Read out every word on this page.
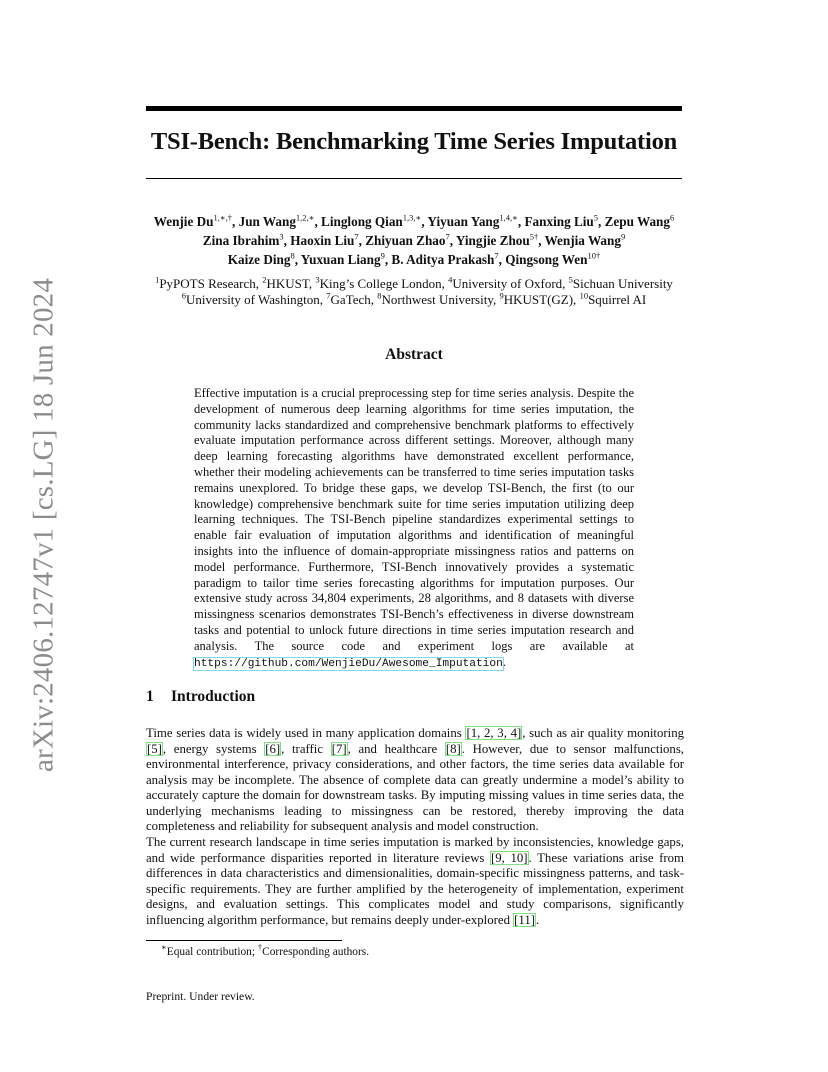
arXiv:2406.12747v1 [cs.LG] 18 Jun 2024
TSI-Bench: Benchmarking Time Series Imputation
Wenjie $Du^{1,∗,\dagger}$, Jun Wang$^{1,2,∗}$, Linglong Qian$^{1,3,∗}$, Yiyuan Yang$^{1,4,∗}$, Fanxing Liu$^5$, Zepu Wang$^6$
Zina Ibrahim$^3$, Haoxin Liu$^7$, Zhiyuan Zhao$^7$, Yingjie Zhou$^{5\dagger}$, Wenjia Wang$^9$
Kaize Ding$^8$, Yuxuan Liang$^9$, B. Aditya Prakash$^7$, Qingsong Wen$^{10\dagger}$
$^1$PyPOTS Research, $^2$HKUST, $^3$King’s College London, $^4$University of Oxford, $^5$Sichuan University
$^6$University of Washington, $^7$GaTech, $^8$Northwest University, $^9$HKUST(GZ), $^{10}$Squirrel AI
Abstract

Effective imputation is a crucial preprocessing step for time series analysis. Despite the development of numerous deep learning algorithms for time series imputation, the community lacks standardized and comprehensive benchmark platforms to effectively evaluate imputation performance across different settings. Moreover, although many deep learning forecasting algorithms have demonstrated excellent performance, whether their modeling achievements can be transferred to time series imputation tasks remains unexplored. To bridge these gaps, we develop TSI-Bench, the first (to our knowledge) comprehensive benchmark suite for time series imputation utilizing deep learning techniques. The TSI-Bench pipeline standardizes experimental settings to enable fair evaluation of imputation algorithms and identification of meaningful insights into the influence of domain-appropriate missingness ratios and patterns on model performance. Furthermore, TSI-Bench innovatively provides a systematic paradigm to tailor time series forecasting algorithms for imputation purposes. Our extensive study across 34,804 experiments, 28 algorithms, and 8 datasets with diverse missingness scenarios demonstrates TSI-Bench’s effectiveness in diverse downstream tasks and potential to unlock future directions in time series imputation research and analysis. The source code and experiment logs are available at https://github.com/WenjieDu/Awesome_Imputation.

1 Introduction

Time series data is widely used in many application domains [1, 2, 3, 4], such as air quality monitoring [5], energy systems [6], traffic [7], and healthcare [8]. However, due to sensor malfunctions, environmental interference, privacy considerations, and other factors, the time series data available for analysis may be incomplete. The absence of complete data can greatly undermine a model’s ability to accurately capture the domain for downstream tasks. By imputing missing values in time series data, the underlying mechanisms leading to missingness can be restored, thereby improving the data completeness and reliability for subsequent analysis and model construction.

The current research landscape in time series imputation is marked by inconsistencies, knowledge gaps, and wide performance disparities reported in literature reviews [9, 10]. These variations arise from differences in data characteristics and dimensionalities, domain-specific missingness patterns, and task-specific requirements. They are further amplified by the heterogeneity of implementation, experiment designs, and evaluation settings. This complicates model and study comparisons, significantly influencing algorithm performance, but remains deeply under-explored [11].

∗Equal contribution; †Corresponding authors.

Preprint. Under review.
